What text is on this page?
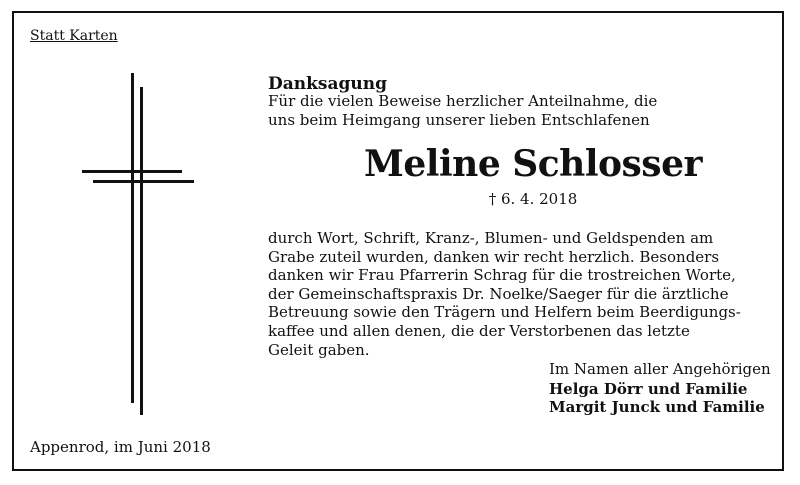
Statt Karten
Danksagung
Für die vielen Beweise herzlicher Anteilnahme, die
uns beim Heimgang unserer lieben Entschlafenen
Meline Schlosser
† 6. 4. 2018
durch Wort, Schrift, Kranz-, Blumen- und Geldspenden am
Grabe zuteil wurden, danken wir recht herzlich. Besonders
danken wir Frau Pfarrerin Schrag für die trostreichen Worte,
der Gemeinschaftspraxis Dr. Noelke/Saeger für die ärztliche
Betreuung sowie den Trägern und Helfern beim Beerdigungs-
kaffee und allen denen, die der Verstorbenen das letzte
Geleit gaben.
Im Namen aller Angehörigen
Helga Dörr und Familie
Margit Junck und Familie
Appenrod, im Juni 2018
